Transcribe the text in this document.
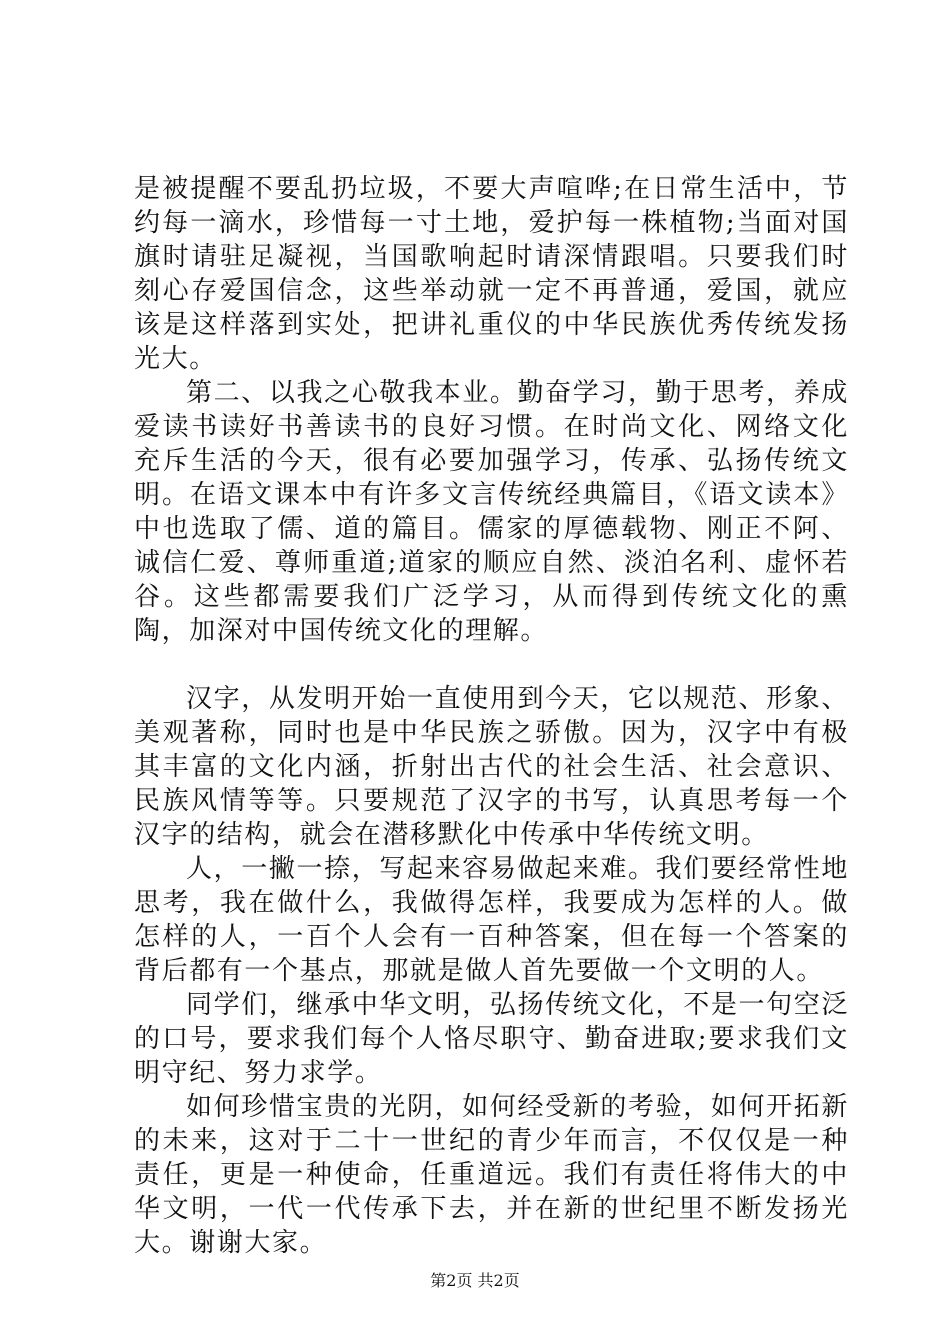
是被提醒不要乱扔垃圾，不要大声喧哗;在日常生活中，节约每一滴水，珍惜每一寸土地，爱护每一株植物;当面对国旗时请驻足凝视，当国歌响起时请深情跟唱。只要我们时刻心存爱国信念，这些举动就一定不再普通，爱国，就应该是这样落到实处，把讲礼重仪的中华民族优秀传统发扬光大。

第二、以我之心敬我本业。勤奋学习，勤于思考，养成爱读书读好书善读书的良好习惯。在时尚文化、网络文化充斥生活的今天，很有必要加强学习，传承、弘扬传统文明。在语文课本中有许多文言传统经典篇目，《语文读本》中也选取了儒、道的篇目。儒家的厚德载物、刚正不阿、诚信仁爱、尊师重道;道家的顺应自然、淡泊名利、虚怀若谷。这些都需要我们广泛学习，从而得到传统文化的熏陶，加深对中国传统文化的理解。

汉字，从发明开始一直使用到今天，它以规范、形象、美观著称，同时也是中华民族之骄傲。因为，汉字中有极其丰富的文化内涵，折射出古代的社会生活、社会意识、民族风情等等。只要规范了汉字的书写，认真思考每一个汉字的结构，就会在潜移默化中传承中华传统文明。

人，一撇一捺，写起来容易做起来难。我们要经常性地思考，我在做什么，我做得怎样，我要成为怎样的人。做怎样的人，一百个人会有一百种答案，但在每一个答案的背后都有一个基点，那就是做人首先要做一个文明的人。

同学们，继承中华文明，弘扬传统文化，不是一句空泛的口号，要求我们每个人恪尽职守、勤奋进取;要求我们文明守纪、努力求学。

如何珍惜宝贵的光阴，如何经受新的考验，如何开拓新的未来，这对于二十一世纪的青少年而言，不仅仅是一种责任，更是一种使命，任重道远。我们有责任将伟大的中华文明，一代一代传承下去，并在新的世纪里不断发扬光大。谢谢大家。

第2页 共2页
